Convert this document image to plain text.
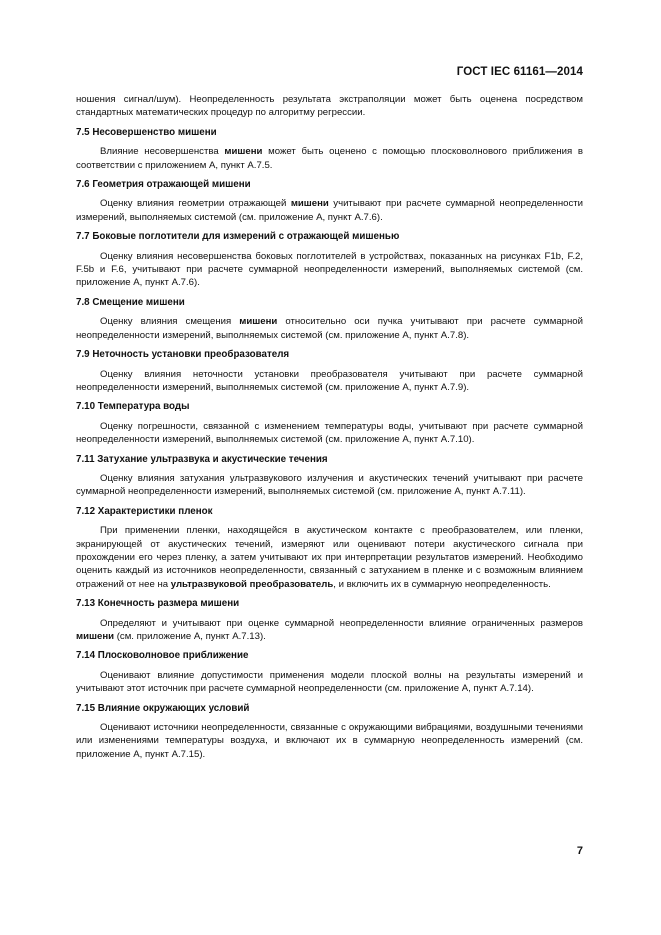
ГОСТ IEC 61161—2014

ношения сигнал/шум). Неопределенность результата экстраполяции может быть оценена посредством стандартных математических процедур по алгоритму регрессии.

7.5 Несовершенство мишени

Влияние несовершенства мишени может быть оценено с помощью плосковолнового приближения в соответствии с приложением А, пункт А.7.5.

7.6 Геометрия отражающей мишени

Оценку влияния геометрии отражающей мишени учитывают при расчете суммарной неопределенности измерений, выполняемых системой (см. приложение А, пункт А.7.6).

7.7 Боковые поглотители для измерений с отражающей мишенью

Оценку влияния несовершенства боковых поглотителей в устройствах, показанных на рисунках F1b, F.2, F.5b и F.6, учитывают при расчете суммарной неопределенности измерений, выполняемых системой (см. приложение А, пункт А.7.6).

7.8 Смещение мишени

Оценку влияния смещения мишени относительно оси пучка учитывают при расчете суммарной неопределенности измерений, выполняемых системой (см. приложение А, пункт А.7.8).

7.9 Неточность установки преобразователя

Оценку влияния неточности установки преобразователя учитывают при расчете суммарной неопределенности измерений, выполняемых системой (см. приложение А, пункт А.7.9).

7.10 Температура воды

Оценку погрешности, связанной с изменением температуры воды, учитывают при расчете суммарной неопределенности измерений, выполняемых системой (см. приложение А, пункт А.7.10).

7.11 Затухание ультразвука и акустические течения

Оценку влияния затухания ультразвукового излучения и акустических течений учитывают при расчете суммарной неопределенности измерений, выполняемых системой (см. приложение А, пункт А.7.11).

7.12 Характеристики пленок

При применении пленки, находящейся в акустическом контакте с преобразователем, или пленки, экранирующей от акустических течений, измеряют или оценивают потери акустического сигнала при прохождении его через пленку, а затем учитывают их при интерпретации результатов измерений. Необходимо оценить каждый из источников неопределенности, связанный с затуханием в пленке и с возможным влиянием отражений от нее на ультразвуковой преобразователь, и включить их в суммарную неопределенность.

7.13 Конечность размера мишени

Определяют и учитывают при оценке суммарной неопределенности влияние ограниченных размеров мишени (см. приложение А, пункт А.7.13).

7.14 Плосковолновое приближение

Оценивают влияние допустимости применения модели плоской волны на результаты измерений и учитывают этот источник при расчете суммарной неопределенности (см. приложение А, пункт А.7.14).

7.15 Влияние окружающих условий

Оценивают источники неопределенности, связанные с окружающими вибрациями, воздушными течениями или изменениями температуры воздуха, и включают их в суммарную неопределенность измерений (см. приложение А, пункт А.7.15).

7
